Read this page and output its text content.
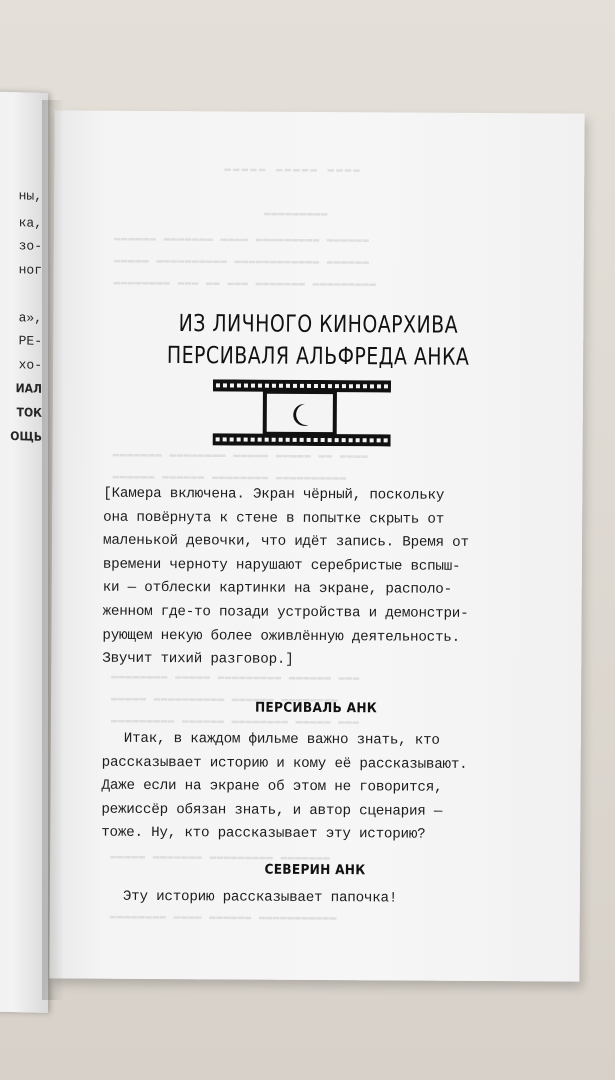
ны,
ка,
зо-
ног
а»,
РЕ-
хо-
ИАЛ
ТОК
ОЩЬ
▬▬▬▬▬ ▬▬▬▬▬ ▬▬▬▬
▬▬▬▬▬▬▬▬▬
▬▬▬▬▬▬ ▬▬▬▬▬▬▬ ▬▬▬▬ ▬▬▬▬▬▬▬▬▬ ▬▬▬▬▬▬
▬▬▬▬▬ ▬▬▬▬▬▬▬▬▬▬ ▬▬▬▬▬▬▬▬▬▬▬▬ ▬▬▬▬▬▬
▬▬▬▬▬▬▬▬ ▬▬▬ ▬▬ ▬▬▬ ▬▬▬▬▬▬▬ ▬▬▬▬▬▬▬▬▬
▬▬▬▬▬▬▬ ▬▬▬▬▬▬▬▬ ▬▬▬▬▬ ▬▬▬▬▬ ▬▬ ▬▬▬▬
▬▬▬▬▬▬ ▬▬▬▬▬▬ ▬▬▬▬▬▬▬▬ ▬▬▬▬▬▬▬▬▬▬
▬▬▬▬▬▬▬▬ ▬▬▬▬▬ ▬▬▬▬▬▬▬▬▬ ▬▬▬▬▬▬ ▬▬▬
▬▬▬▬▬ ▬▬▬▬▬▬▬▬▬▬ ▬▬▬▬▬▬ ▬▬▬▬▬▬▬▬
▬▬▬▬▬▬▬▬▬ ▬▬▬▬▬▬ ▬▬▬▬▬▬▬▬ ▬▬▬▬▬ ▬▬▬
▬▬▬▬▬ ▬▬▬▬▬▬▬ ▬▬▬▬▬▬▬▬▬ ▬▬▬▬▬▬▬
▬▬▬▬▬▬▬▬ ▬▬▬▬ ▬▬▬▬▬▬ ▬▬▬▬▬▬▬▬▬▬▬
ИЗ ЛИЧНОГО КИНОАРХИВА
ПЕРСИВАЛЯ АЛЬФРЕДА АНКА
[Камера включена. Экран чёрный, поскольку
она повёрнута к стене в попытке скрыть от
маленькой девочки, что идёт запись. Время от
времени черноту нарушают серебристые вспыш-
ки — отблески картинки на экране, располо-
женном где-то позади устройства и демонстри-
рующем некую более оживлённую деятельность.
Звучит тихий разговор.]
ПЕРСИВАЛЬ АНК
Итак, в каждом фильме важно знать, кто
рассказывает историю и кому её рассказывают.
Даже если на экране об этом не говорится,
режиссёр обязан знать, и автор сценария —
тоже. Ну, кто рассказывает эту историю?
СЕВЕРИН АНК
Эту историю рассказывает папочка!
